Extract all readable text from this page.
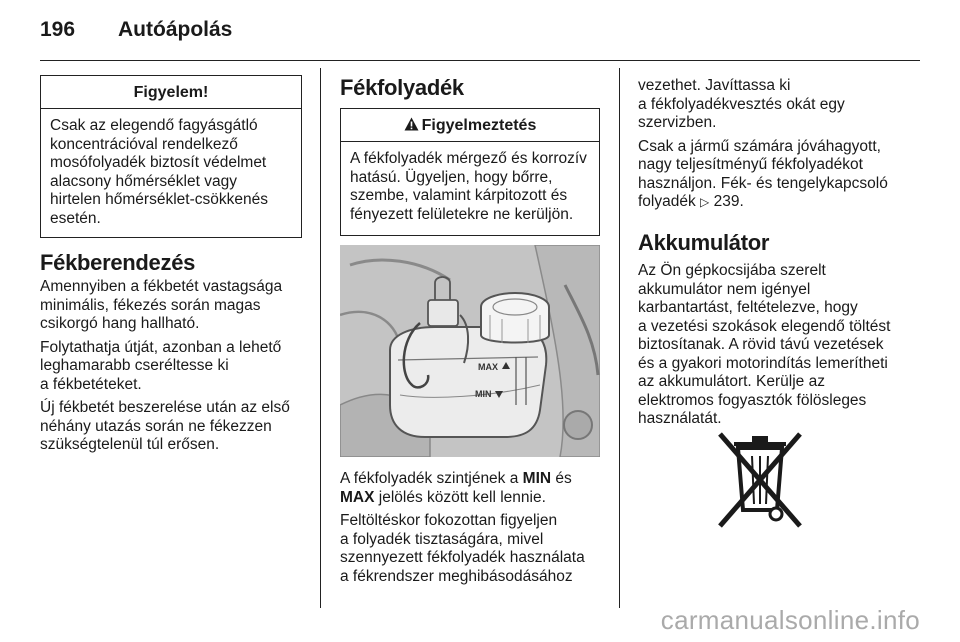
196 Autóápolás
Figyelem!

Csak az elegendő fagyásgátló

koncentrációval rendelkező

mosófolyadék biztosít védelmet

alacsony hőmérséklet vagy

hirtelen hőmérséklet-csökkenés

esetén.

Fékberendezés

Amennyiben a fékbetét vastagsága
minimális, fékezés során magas
csikorgó hang hallható.

Folytathatja útját, azonban a lehető
leghamarabb cseréltesse ki
a fékbetéteket.

Új fékbetét beszerelése után az első
néhány utazás során ne fékezzen
szükségtelenül túl erősen.

Fékfolyadék
Figyelmeztetés

A fékfolyadék mérgező és korrozív

hatású. Ügyeljen, hogy bőrre,

szembe, valamint kárpitozott és

fényezett felületekre ne kerüljön.

MAX
MIN

A fékfolyadék szintjének a MIN és
MAX jelölés között kell lennie.

Feltöltéskor fokozottan figyeljen
a folyadék tisztaságára, mivel
szennyezett fékfolyadék használata
a fékrendszer meghibásodásához

vezethet. Javíttassa ki
a fékfolyadékvesztés okát egy
szervizben.

Csak a jármű számára jóváhagyott,
nagy teljesítményű fékfolyadékot
használjon. Fék- és tengelykapcsoló
folyadék ▷ 239.

Akkumulátor
Az Ön gépkocsijába szerelt
akkumulátor nem igényel
karbantartást, feltételezve, hogy
a vezetési szokások elegendő töltést
biztosítanak. A rövid távú vezetések
és a gyakori motorindítás lemerítheti
az akkumulátort. Kerülje az
elektromos fogyasztók fölösleges
használatát.
carmanualsonline.info
